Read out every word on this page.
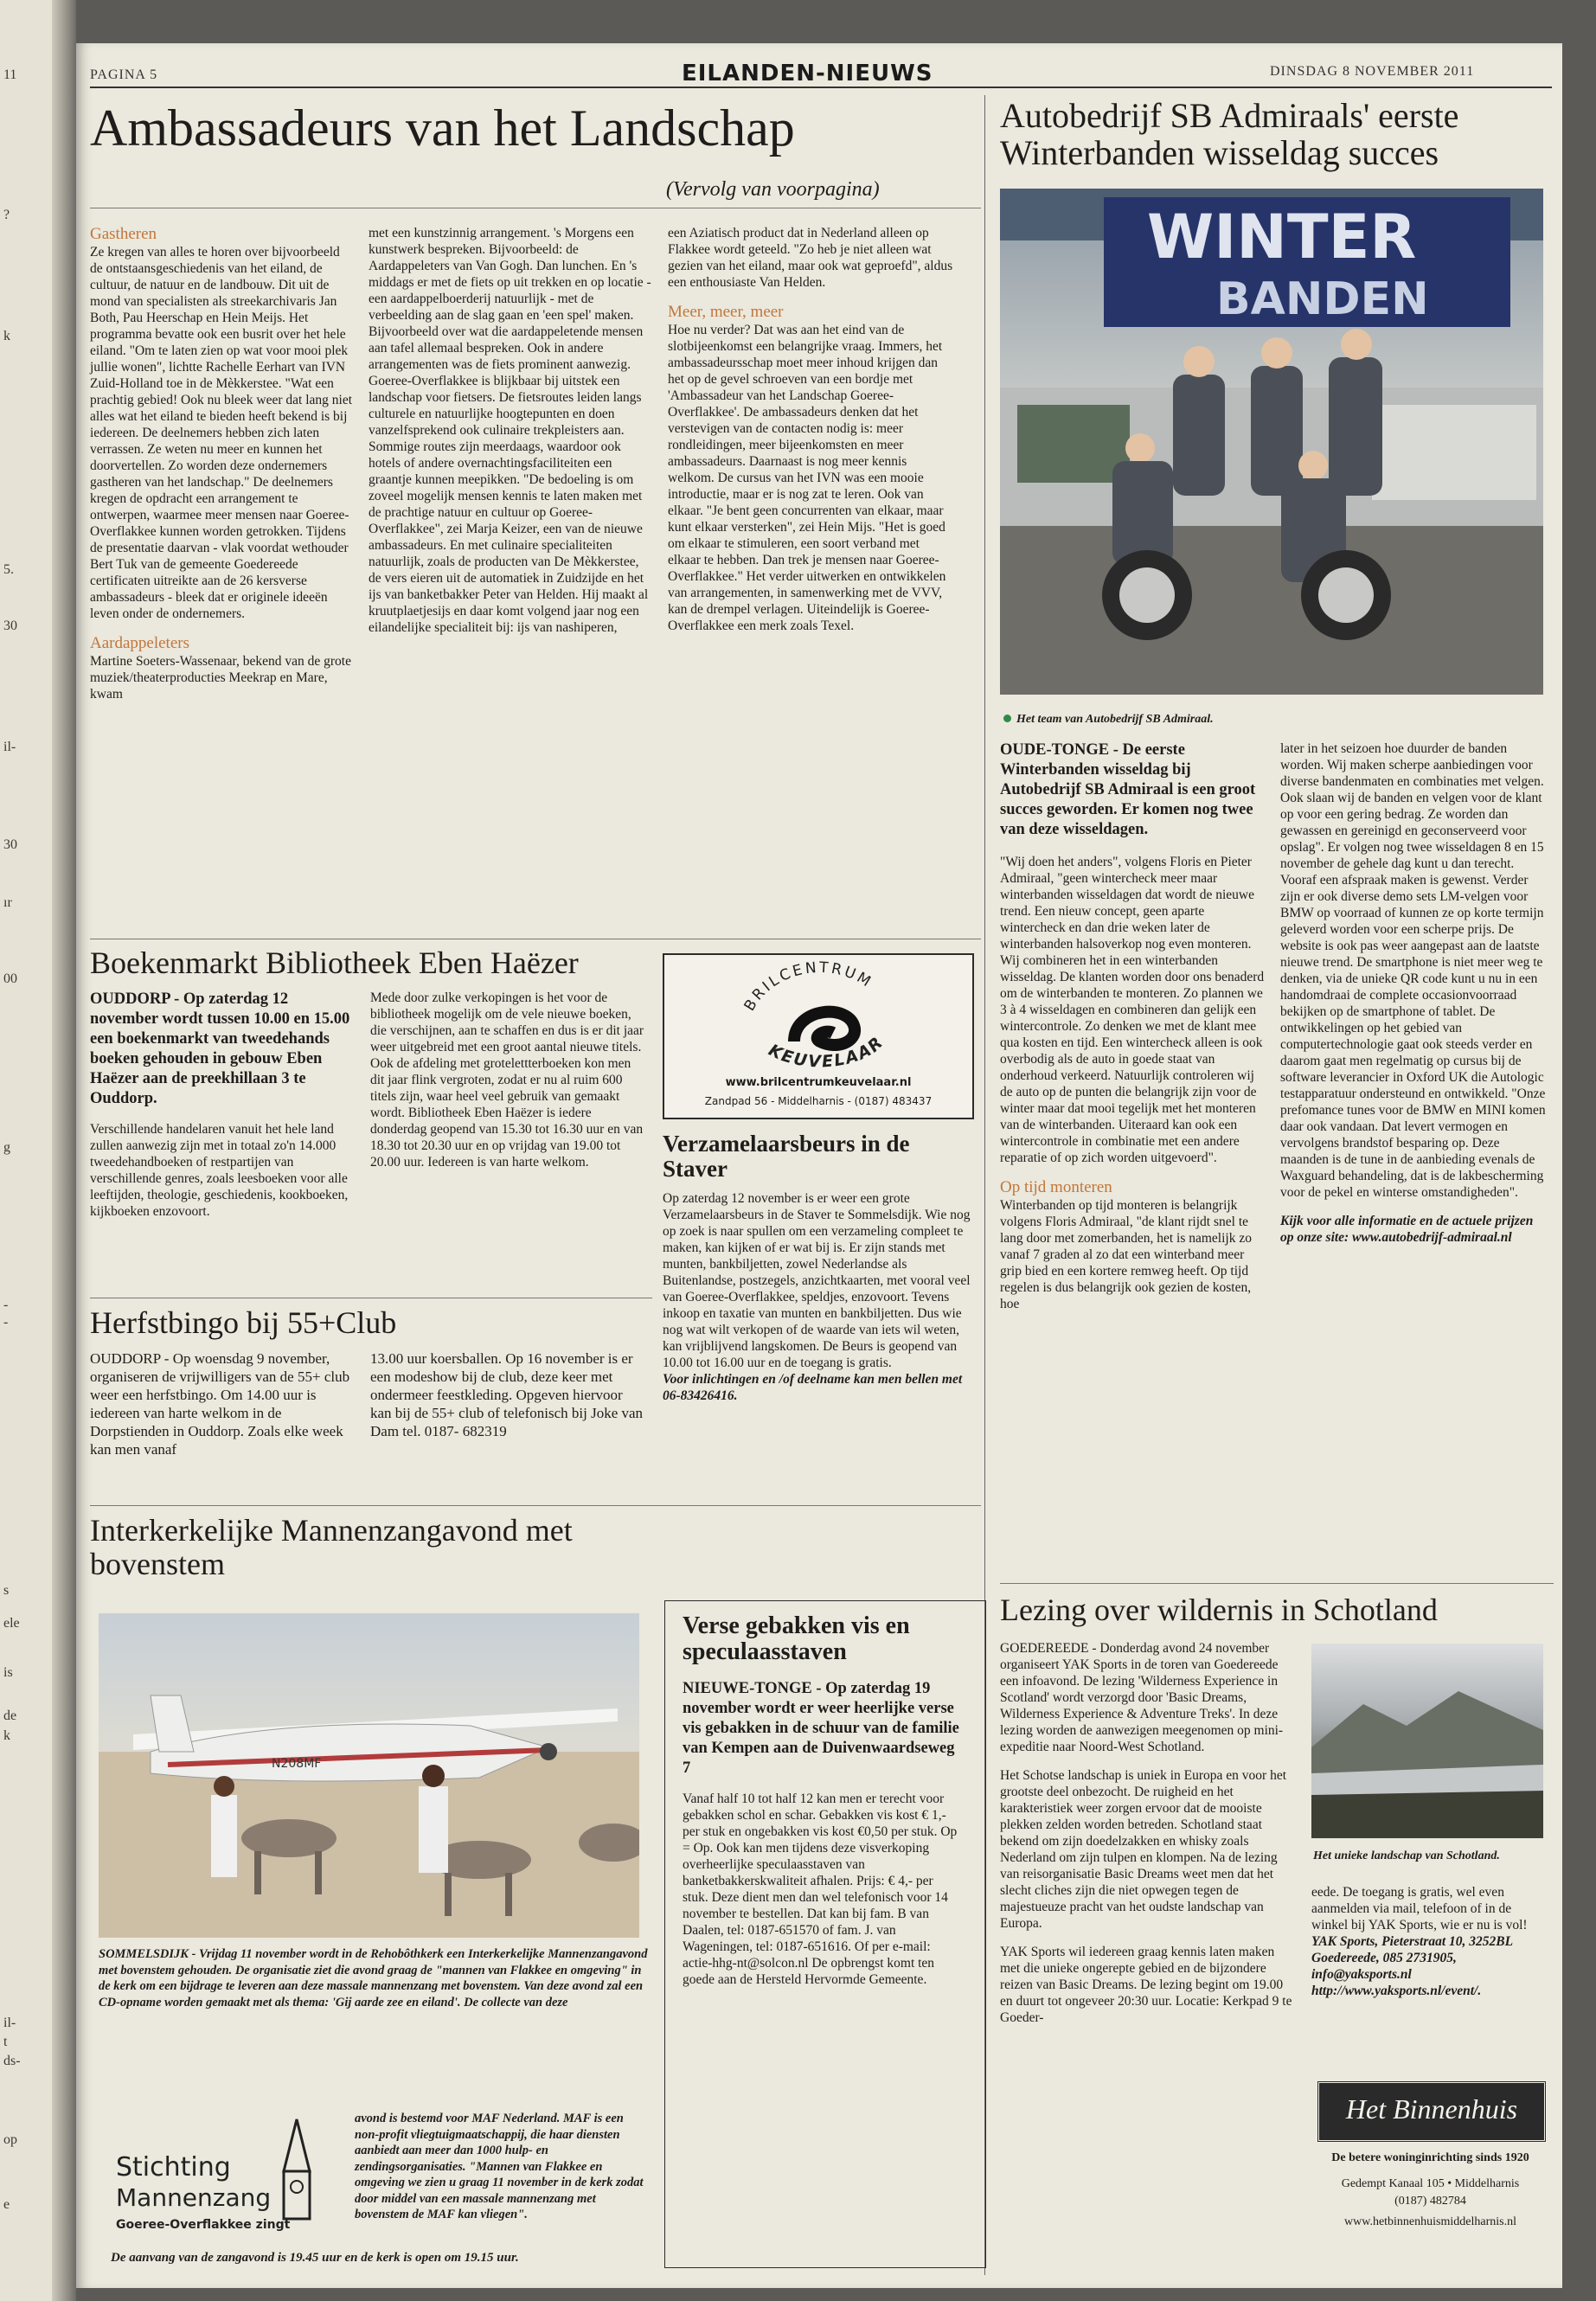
11
?
k
5.
30
il-
30
ır
00
g
-
-
s
ele
is
de
k
il-
t
ds-
op
e
PAGINA 5	EILANDEN-NIEUWS	DINSDAG 8 NOVEMBER 2011
Ambassadeurs van het Landschap
(Vervolg van voorpagina)

Gastheren

Ze kregen van alles te horen over bijvoorbeeld de ontstaansgeschiedenis van het eiland, de cultuur, de natuur en de landbouw. Dit uit de mond van specialisten als streekarchivaris Jan Both, Pau Heerschap en Hein Meijs. Het programma bevatte ook een busrit over het hele eiland. "Om te laten zien op wat voor mooi plek jullie wonen", lichtte Rachelle Eerhart van IVN Zuid-Holland toe in de Mèkkerstee. "Wat een prachtig gebied! Ook nu bleek weer dat lang niet alles wat het eiland te bieden heeft bekend is bij iedereen. De deelnemers hebben zich laten verrassen. Ze weten nu meer en kunnen het doorvertellen. Zo worden deze ondernemers gastheren van het landschap." De deelnemers kregen de opdracht een arrangement te ontwerpen, waarmee meer mensen naar Goeree-Overflakkee kunnen worden getrokken. Tijdens de presentatie daarvan - vlak voordat wethouder Bert Tuk van de gemeente Goedereede certificaten uitreikte aan de 26 kersverse ambassadeurs - bleek dat er originele ideeën leven onder de ondernemers.

Aardappeleters

Martine Soeters-Wassenaar, bekend van de grote muziek/theaterproducties Meekrap en Mare, kwam

met een kunstzinnig arrangement. 's Morgens een kunstwerk bespreken. Bijvoorbeeld: de Aardappeleters van Van Gogh. Dan lunchen. En 's middags er met de fiets op uit trekken en op locatie - een aardappelboerderij natuurlijk - met de verbeelding aan de slag gaan en 'een spel' maken. Bijvoorbeeld over wat die aardappeletende mensen aan tafel allemaal bespreken. Ook in andere arrangementen was de fiets prominent aanwezig. Goeree-Overflakkee is blijkbaar bij uitstek een landschap voor fietsers. De fietsroutes leiden langs culturele en natuurlijke hoogtepunten en doen vanzelfsprekend ook culinaire trekpleisters aan. Sommige routes zijn meerdaags, waardoor ook hotels of andere overnachtingsfaciliteiten een graantje kunnen meepikken. "De bedoeling is om zoveel mogelijk mensen kennis te laten maken met de prachtige natuur en cultuur op Goeree-Overflakkee", zei Marja Keizer, een van de nieuwe ambassadeurs. En met culinaire specialiteiten natuurlijk, zoals de producten van De Mèkkerstee, de vers eieren uit de automatiek in Zuidzijde en het ijs van banketbakker Peter van Helden. Hij maakt al kruutplaetjesijs en daar komt volgend jaar nog een eilandelijke specialiteit bij: ijs van nashiperen,

een Aziatisch product dat in Nederland alleen op Flakkee wordt geteeld. "Zo heb je niet alleen wat gezien van het eiland, maar ook wat geproefd", aldus een enthousiaste Van Helden.

Meer, meer, meer

Hoe nu verder? Dat was aan het eind van de slotbijeenkomst een belangrijke vraag. Immers, het ambassadeursschap moet meer inhoud krijgen dan het op de gevel schroeven van een bordje met 'Ambassadeur van het Landschap Goeree-Overflakkee'. De ambassadeurs denken dat het verstevigen van de contacten nodig is: meer rondleidingen, meer bijeenkomsten en meer ambassadeurs. Daarnaast is nog meer kennis welkom. De cursus van het IVN was een mooie introductie, maar er is nog zat te leren. Ook van elkaar. "Je bent geen concurrenten van elkaar, maar kunt elkaar versterken", zei Hein Mijs. "Het is goed om elkaar te stimuleren, een soort verband met elkaar te hebben. Dan trek je mensen naar Goeree-Overflakkee." Het verder uitwerken en ontwikkelen van arrangementen, in samenwerking met de VVV, kan de drempel verlagen. Uiteindelijk is Goeree-Overflakkee een merk zoals Texel.

Autobedrijf SB Admiraals' eerste Winterbanden wisseldag succes
WINTER
BANDEN
Het team van Autobedrijf SB Admiraal.

OUDE-TONGE - De eerste Winterbanden wisseldag bij Autobedrijf SB Admiraal is een groot succes geworden. Er komen nog twee van deze wisseldagen.

"Wij doen het anders", volgens Floris en Pieter Admiraal, "geen wintercheck meer maar winterbanden wisseldagen dat wordt de nieuwe trend. Een nieuw concept, geen aparte wintercheck en dan drie weken later de winterbanden halsoverkop nog even monteren. Wij combineren het in een winterbanden wisseldag. De klanten worden door ons benaderd om de winterbanden te monteren. Zo plannen we 3 à 4 wisseldagen en combineren dan gelijk een wintercontrole. Zo denken we met de klant mee qua kosten en tijd. Een wintercheck alleen is ook overbodig als de auto in goede staat van onderhoud verkeerd. Natuurlijk controleren wij de auto op de punten die belangrijk zijn voor de winter maar dat mooi tegelijk met het monteren van de winterbanden. Uiteraard kan ook een wintercontrole in combinatie met een andere reparatie of op zich worden uitgevoerd".

Op tijd monteren

Winterbanden op tijd monteren is belangrijk volgens Floris Admiraal, "de klant rijdt snel te lang door met zomerbanden, het is namelijk zo vanaf 7 graden al zo dat een winterband meer grip bied en een kortere remweg heeft. Op tijd regelen is dus belangrijk ook gezien de kosten, hoe

later in het seizoen hoe duurder de banden worden. Wij maken scherpe aanbiedingen voor diverse bandenmaten en combinaties met velgen. Ook slaan wij de banden en velgen voor de klant op voor een gering bedrag. Ze worden dan gewassen en gereinigd en geconserveerd voor opslag". Er volgen nog twee wisseldagen 8 en 15 november de gehele dag kunt u dan terecht. Vooraf een afspraak maken is gewenst. Verder zijn er ook diverse demo sets LM-velgen voor BMW op voorraad of kunnen ze op korte termijn geleverd worden voor een scherpe prijs. De website is ook pas weer aangepast aan de laatste nieuwe trend. De smartphone is niet meer weg te denken, via de unieke QR code kunt u nu in een handomdraai de complete occasionvoorraad bekijken op de smartphone of tablet. De ontwikkelingen op het gebied van computertechnologie gaat ook steeds verder en daarom gaat men regelmatig op cursus bij de software leverancier in Oxford UK die Autologic testapparatuur ondersteund en ontwikkeld. "Onze prefomance tunes voor de BMW en MINI komen daar ook vandaan. Dat levert vermogen en vervolgens brandstof besparing op. Deze maanden is de tune in de aanbieding evenals de Waxguard behandeling, dat is de lakbescherming voor de pekel en winterse omstandigheden".

Kijk voor alle informatie en de actuele prijzen op onze site: www.autobedrijf-admiraal.nl

Boekenmarkt Bibliotheek Eben Haëzer

OUDDORP - Op zaterdag 12 november wordt tussen 10.00 en 15.00 een boekenmarkt van tweedehands boeken gehouden in gebouw Eben Haëzer aan de preekhillaan 3 te Ouddorp.

Verschillende handelaren vanuit het hele land zullen aanwezig zijn met in totaal zo'n 14.000 tweedehandboeken of restpartijen van verschillende genres, zoals leesboeken voor alle leeftijden, theologie, geschiedenis, kookboeken, kijkboeken enzovoort.

Mede door zulke verkopingen is het voor de bibliotheek mogelijk om de vele nieuwe boeken, die verschijnen, aan te schaffen en dus is er dit jaar weer uitgebreid met een groot aantal nieuwe titels. Ook de afdeling met grotelettterboeken kon men dit jaar flink vergroten, zodat er nu al ruim 600 titels zijn, waar heel veel gebruik van gemaakt wordt. Bibliotheek Eben Haëzer is iedere donderdag geopend van 15.30 tot 16.30 uur en van 18.30 tot 20.30 uur en op vrijdag van 19.00 tot 20.00 uur. Iedereen is van harte welkom.

BRILCENTRUM
KEUVELAAR
www.brilcentrumkeuvelaar.nl
Zandpad 56 - Middelharnis - (0187) 483437
Verzamelaarsbeurs in de Staver

Op zaterdag 12 november is er weer een grote Verzamelaarsbeurs in de Staver te Sommelsdijk. Wie nog op zoek is naar spullen om een verzameling compleet te maken, kan kijken of er wat bij is. Er zijn stands met munten, bankbiljetten, zowel Nederlandse als Buitenlandse, postzegels, anzichtkaarten, met vooral veel van Goeree-Overflakkee, speldjes, enzovoort. Tevens inkoop en taxatie van munten en bankbiljetten. Dus wie nog wat wilt verkopen of de waarde van iets wil weten, kan vrijblijvend langskomen. De Beurs is geopend van 10.00 tot 16.00 uur en de toegang is gratis.

Voor inlichtingen en /of deelname kan men bellen met 06-83426416.

Herfstbingo bij 55+Club

OUDDORP - Op woensdag 9 november, organiseren de vrijwilligers van de 55+ club weer een herfstbingo. Om 14.00 uur is iedereen van harte welkom in de Dorpstienden in Ouddorp. Zoals elke week kan men vanaf

13.00 uur koersballen. Op 16 november is er een modeshow bij de club, deze keer met ondermeer feestkleding. Opgeven hiervoor kan bij de 55+ club of telefonisch bij Joke van Dam tel. 0187- 682319

Interkerkelijke Mannenzangavond met bovenstem
N208MF

SOMMELSDIJK - Vrijdag 11 november wordt in de Rehobôthkerk een Interkerkelijke Mannenzangavond met bovenstem gehouden. De organisatie ziet die avond graag de "mannen van Flakkee en omgeving" in de kerk om een bijdrage te leveren aan deze massale mannenzang met bovenstem. Van deze avond zal een CD-opname worden gemaakt met als thema: 'Gij aarde zee en eiland'. De collecte van deze

Stichting
Mannenzang
Goeree-Overflakkee zingt

avond is bestemd voor MAF Nederland. MAF is een non-profit vliegtuigmaatschappij, die haar diensten aanbiedt aan meer dan 1000 hulp- en zendingsorganisaties. "Mannen van Flakkee en omgeving we zien u graag 11 november in de kerk zodat door middel van een massale mannenzang met bovenstem de MAF kan vliegen".

De aanvang van de zangavond is 19.45 uur en de kerk is open om 19.15 uur.
Verse gebakken vis en speculaasstaven

NIEUWE-TONGE - Op zaterdag 19 november wordt er weer heerlijke verse vis gebakken in de schuur van de familie van Kempen aan de Duivenwaardseweg 7

Vanaf half 10 tot half 12 kan men er terecht voor gebakken schol en schar. Gebakken vis kost € 1,- per stuk en ongebakken vis kost €0,50 per stuk. Op = Op. Ook kan men tijdens deze visverkoping overheerlijke speculaasstaven van banketbakkerskwaliteit afhalen. Prijs: € 4,- per stuk. Deze dient men dan wel telefonisch voor 14 november te bestellen. Dat kan bij fam. B van Daalen, tel: 0187-651570 of fam. J. van Wageningen, tel: 0187-651616. Of per e-mail: actie-hhg-nt@solcon.nl De opbrengst komt ten goede aan de Hersteld Hervormde Gemeente.

Lezing over wildernis in Schotland

GOEDEREEDE - Donderdag avond 24 november organiseert YAK Sports in de toren van Goedereede een infoavond. De lezing 'Wilderness Experience in Scotland' wordt verzorgd door 'Basic Dreams, Wilderness Experience & Adventure Treks'. In deze lezing worden de aanwezigen meegenomen op mini-expeditie naar Noord-West Schotland.

Het Schotse landschap is uniek in Europa en voor het grootste deel onbezocht. De ruigheid en het karakteristiek weer zorgen ervoor dat de mooiste plekken zelden worden betreden. Schotland staat bekend om zijn doedelzakken en whisky zoals Nederland om zijn tulpen en klompen. Na de lezing van reisorganisatie Basic Dreams weet men dat het slecht cliches zijn die niet opwegen tegen de majestueuze pracht van het oudste landschap van Europa.

YAK Sports wil iedereen graag kennis laten maken met die unieke ongerepte gebied en de bijzondere reizen van Basic Dreams. De lezing begint om 19.00 en duurt tot ongeveer 20:30 uur. Locatie: Kerkpad 9 te Goeder-

Het unieke landschap van Schotland.

eede. De toegang is gratis, wel even aanmelden via mail, telefoon of in de winkel bij YAK Sports, wie er nu is vol!

YAK Sports, Pieterstraat 10, 3252BL Goedereede, 085 2731905, info@yaksports.nl http://www.yaksports.nl/event/.

Het Binnenhuis
De betere woninginrichting sinds 1920
Gedempt Kanaal 105 • Middelharnis
(0187) 482784
www.hetbinnenhuismiddelharnis.nl
